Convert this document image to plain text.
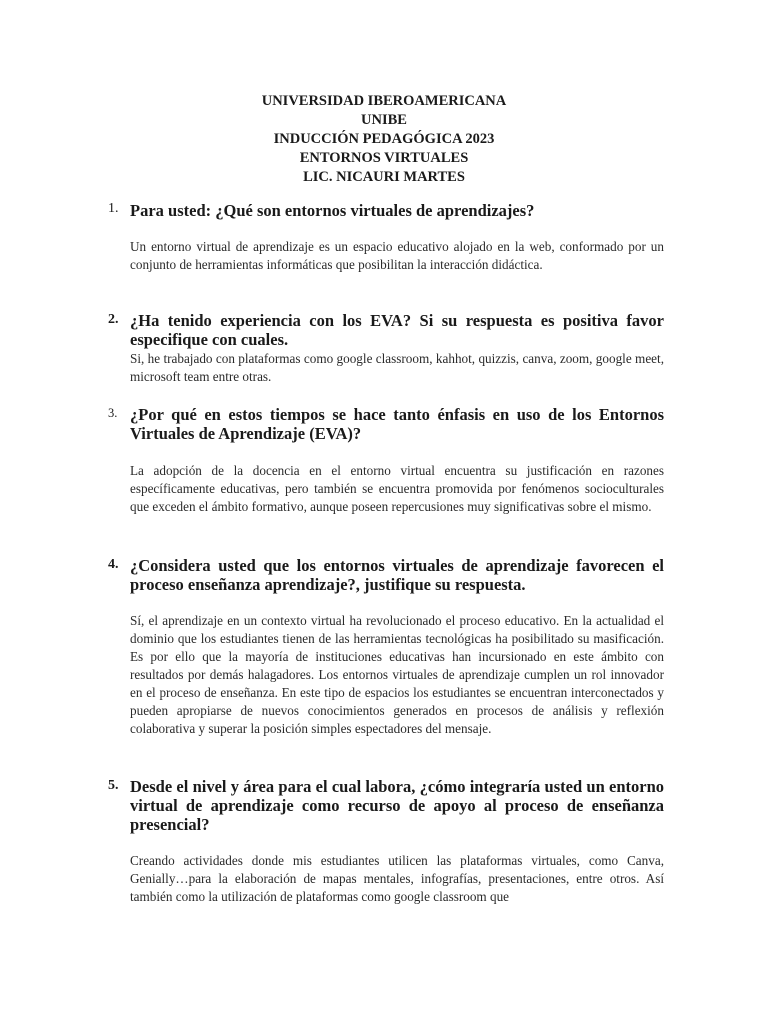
UNIVERSIDAD IBEROAMERICANA
UNIBE
INDUCCIÓN PEDAGÓGICA 2023
ENTORNOS VIRTUALES
LIC. NICAURI MARTES
1. Para usted: ¿Qué son entornos virtuales de aprendizajes?
Un entorno virtual de aprendizaje es un espacio educativo alojado en la web, conformado por un conjunto de herramientas informáticas que posibilitan la interacción didáctica.
2. ¿Ha tenido experiencia con los EVA? Si su respuesta es positiva favor especifique con cuales.
Si, he trabajado con plataformas como google classroom, kahhot, quizzis, canva, zoom, google meet, microsoft team entre otras.
3. ¿Por qué en estos tiempos se hace tanto énfasis en uso de los Entornos Virtuales de Aprendizaje (EVA)?
La adopción de la docencia en el entorno virtual encuentra su justificación en razones específicamente educativas, pero también se encuentra promovida por fenómenos socioculturales que exceden el ámbito formativo, aunque poseen repercusiones muy significativas sobre el mismo.
4. ¿Considera usted que los entornos virtuales de aprendizaje favorecen el proceso enseñanza aprendizaje?, justifique su respuesta.
Sí, el aprendizaje en un contexto virtual ha revolucionado el proceso educativo. En la actualidad el dominio que los estudiantes tienen de las herramientas tecnológicas ha posibilitado su masificación. Es por ello que la mayoría de instituciones educativas han incursionado en este ámbito con resultados por demás halagadores. Los entornos virtuales de aprendizaje cumplen un rol innovador en el proceso de enseñanza. En este tipo de espacios los estudiantes se encuentran interconectados y pueden apropiarse de nuevos conocimientos generados en procesos de análisis y reflexión colaborativa y superar la posición simples espectadores del mensaje.
5. Desde el nivel y área para el cual labora, ¿cómo integraría usted un entorno virtual de aprendizaje como recurso de apoyo al proceso de enseñanza presencial?
Creando actividades donde mis estudiantes utilicen las plataformas virtuales, como Canva, Genially…para la elaboración de mapas mentales, infografías, presentaciones, entre otros. Así también como la utilización de plataformas como google classroom que
